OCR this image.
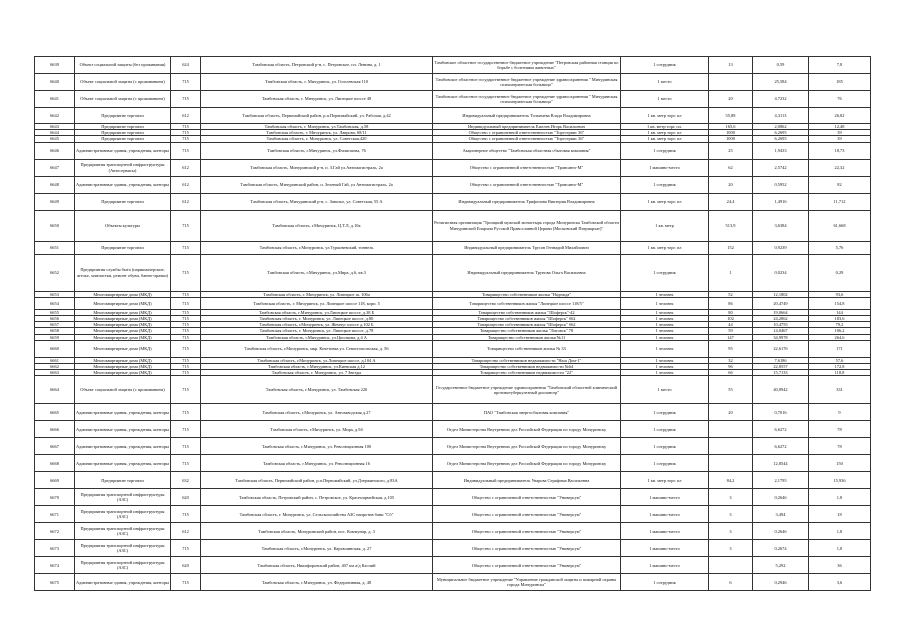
6639	Объект социальной защиты (без проживания)	624	Тамбовская область, Петровский р-н, с. Петровское, пл. Ленина, д. 1	Тамбовское областное государственное бюджетное учреждение "Петровская районная станция по борьбе с болезнями животных"	1 сотрудник	13	0,59	7,8
6640	Объект социальной защиты (с проживанием)	715	Тамбовская область, г. Мичуринск, ул. Гоголевская 110	Тамбовское областное государственное бюджетное учреждение здравоохранения " Мичуринская психиатрическая больница"	1 место		25,584	185
6641	Объект социальной защиты (с проживанием)	715	Тамбовская область, г. Мичуринск, ул. Липецкое шоссе 48	Тамбовское областное государственное бюджетное учреждение здравоохранения " Мичуринская психиатрическая больница"	1 место	20	4,7232	76
6642	Предприятие торговли	612	Тамбовская область, Первомайский район, р.п.Первомайский, ул. Рабочая, д.42	Индивидуальный предприниматель Толмачева Влада Владимировна	1 кв. метр торг. пл	55,88	4,3113	26,82
6643	Предприятие торговли	715	Тамбовская область, г. Мичуринск, ул.Тамбовская, д.58	Индивидуальный предприниматель Ежелев Игорь Васильевич	1 кв. метр торг. пл.	165,6	2,0862	12,48
6644	Предприятие торговли	715	Тамбовская область, г. Мичуринск, ул. Лаврова, 68/11	Общество с ограниченной ответственностью "Торгсервис 36"	1 кв. метр торг. пл	1000	6,2695	39
6645	Предприятие торговли	715	Тамбовская область, г. Мичуринск, ул. Советская,420	Общество с ограниченной ответственностью "Торгсервис 36"	1 кв. метр торг. пл	1000	6,2695	39
6646	Административные здания, учреждения, конторы	715	Тамбовская область, г.Мичуринск, ул.Филиппова, 76	Акционерное общество "Тамбовская областная сбытовая компания"	1 сотрудник	25	1,9433	18,73
6647	Предприятия транспортной инфраструктуры (Автосервисы)	612	Тамбовская область, Мичуринский р-н, п. З.Гай ул.Автомагистраль, 2а	Общество с ограниченной ответственностью "Трансавто-М"	1 машино-место	62	2,5742	22,32
6648	Административные здания, учреждения, конторы	612	Тамбовская область, Мичуринский район, п. Зеленый Гай, ул Автомагистраль, 2а	Общество с ограниченной ответственностью "Трансавто-М"	1 сотрудник	20	0,5952	82
6649	Предприятие торговли	612	Тамбовская область, Мичуринский р-н, с. Заволье, ул. Советская, 55 А	Индивидуальный предприниматель Трифонова Виктория Владимировна	1 кв. метр торг. пл	24,4	1,4916	11,712
6650	Объекты культуры	715	Тамбовская область, г.Мичуринск, Ц.Т.Л, д.10к	Религиозная организация "Троицкий мужской монастырь города Мичуринска Тамбовской области Мичуринской Епархии Русской Православной Церкви (Московский Патриархат)"	1 кв. метр	513,9	3,6384	61,668
6651	Предприятие торговли	715	Тамбовская область, г.Мичуринск, ул.Турковевский, тоннель	Индивидуальный предприниматель Трусов Геннадий Михайлович	1 кв. метр торг. пл	152	0,9239	5,76
6652	Предприятия службы быта (парикмахерские, ателье, химчистки, ремонт обуви, банно-прачки)	715	Тамбовская область, г.Мичуринск, ул.Мира, д.6, кв.3	Индивидуальный предприниматель Трунова Ольга Васильевна	1 сотрудник	1	0,0234	0,29
6653	Многоквартирные дома (МКД)	715	Тамбовская область, г. Мичуринск, ул. Липецкое ш. 106а	Товарищество собственников жилья "Надежда"	1 человек	52	12,1802	93,6
6654	Многоквартирные дома (МКД)	715	Тамбовская область, г. Мичуринск, ул. Липецкое шоссе 118, корп. 5	Товарищество собственников жилья "Липецкое шоссе 118/5"	1 человек	86	20,4749	154,8
6655	Многоквартирные дома (МКД)	715	Тамбовская область, г.Мичуринск, ул.Липецкое шоссе, д.38 Б	Товарищество собственников жилья "Шоферск"-42	1 человек	80	19,0664	144
6656	Многоквартирные дома (МКД)	715	Тамбовская область, г. Мичуринск, ул. Липецкое шоссе, д.80	Товарищество собственников жилья "Шоферск" б62	1 человек	102	24,2862	183,6
6657	Многоквартирные дома (МКД)	715	Тамбовская область, г.Мичуринск, ул. Жемчуг шоссе д.102 Б	Товарищество собственников жилья "Шоферск" б62	1 человек	44	10,4755	79,2
6658	Многоквартирные дома (МКД)	715	Тамбовская область, г. Мичуринск, ул. Липецкое шоссе, д.78	Товарищество собственников жилья "Лиговск" 78	1 человек	59	14,0467	106,2
6659	Многоквартирные дома (МКД)	715	Тамбовская область, г.Мичуринск, ул.Циолкова, д.4 А	Товарищество собственников жилья №11	1 человек	147	34,9978	264,6
6660	Многоквартирные дома (МКД)	715	Тамбовская область, г.Мичуринск, мкр. Кочетовка ул. Севастопольская, д. 56	Товарищество собственников жилья № 33	1 человек	95	22,6176	171
6661	Многоквартирные дома (МКД)	715	Тамбовская область, г.Мичуринск, ул.Липецкое шоссе, д.104 А	Товарищество собственников недвижимости "Наш Дом-1"	1 человек	32	7,6186	57,6
6662	Многоквартирные дома (МКД)	715	Тамбовская область, г.Мичуринск, ул.Киевская д.12	Товарищество собственников недвижимости №64	1 человек	96	22,8557	172,8
6663	Многоквартирные дома (МКД)	715	Тамбовская область, г. Мичуринск, ул. 7 Звезды	Товарищество собственников недвижимости "22"	1 человек	66	15,7133	118,8
6664	Объект социальной защиты (с проживанием)	715	Тамбовская область, г.Мичуринск, ул. Тамбовская 220	Государственное бюджетное учреждение здравоохранения "Тамбовский областной клинический противотуберкулезный диспансер"	1 место	55	40,0942	331
6665	Административные здания, учреждения, конторы	715	Тамбовская область, г.Мичуринск, ул. Автозаводская д.27	ПАО "Тамбовская энергосбытовая компания"	1 сотрудник	20	0,7016	9
6666	Административные здания, учреждения, конторы	715	Тамбовская область, г.Мичуринск, ул. Мира, д.94	Отдел Министерства Внутренних дел Российской Федерации по городу Мичуринску	1 сотрудник		6,6272	78
6667	Административные здания, учреждения, конторы	715	Тамбовская область, г.Мичуринск, ул. Революционная 100	Отдел Министерства Внутренних дел Российской Федерации по городу Мичуринску	1 сотрудник		6,6272	78
6668	Административные здания, учреждения, конторы	715	Тамбовская область, г.Мичуринск, ул. Революционная 16	Отдел Министерства Внутренних дел Российской Федерации по городу Мичуринску	1 сотрудник		12,8544	150
6669	Предприятие торговли	632	Тамбовская область, Первомайский район, р.п.Первомайский, ул.Дзержинского, д.83А	Индивидуальный предприниматель Уварова Серафима Васильевна	1 кв. метр торг. пл	84,2	2,1795	15,936
6670	Предприятия транспортной инфраструктуры (АЗС)	620	Тамбовская область, Петровский район, с. Петровское, ул. Красноармейская, д.105	Общество с ограниченной ответственностью "Универсум"	1 машино-место	3	0,2646	1,8
6671	Предприятия транспортной инфраструктуры (АЗС)	715	Тамбовская область, г. Мичуринск, ул. Сельскохозяйства АЗС напротив бани "Сб"	Общество с ограниченной ответственностью "Универсум"	1 машино-место	3	3,494	18
6672	Предприятия транспортной инфраструктуры (АЗС)	612	Тамбовская область, Мичуринский район, пос. Коммунар, д. 3	Общество с ограниченной ответственностью "Универсум"	1 машино-место	3	0,2646	1,8
6673	Предприятия транспортной инфраструктуры (АЗС)	715	Тамбовская область, г.Мичуринск, ул. Каргашинская, д. 27	Общество с ограниченной ответственностью "Универсум"	1 машино-место	3	0,2674	1,8
6674	Предприятия транспортной инфраструктуры (АЗС)	620	Тамбовская область, Никифоровский район, 407 км а/д Каспий	Общество с ограниченной ответственностью "Универсум"	1 машино-место		5,292	36
6675	Административные здания, учреждения, конторы	715	Тамбовская область, г.Мичуринск, ул. Федеративная, д. 48	Муниципальное бюджетное учреждение "Управление гражданской защиты и пожарной охраны города Мичуринска"	1 сотрудник	6	0,2946	3,6
